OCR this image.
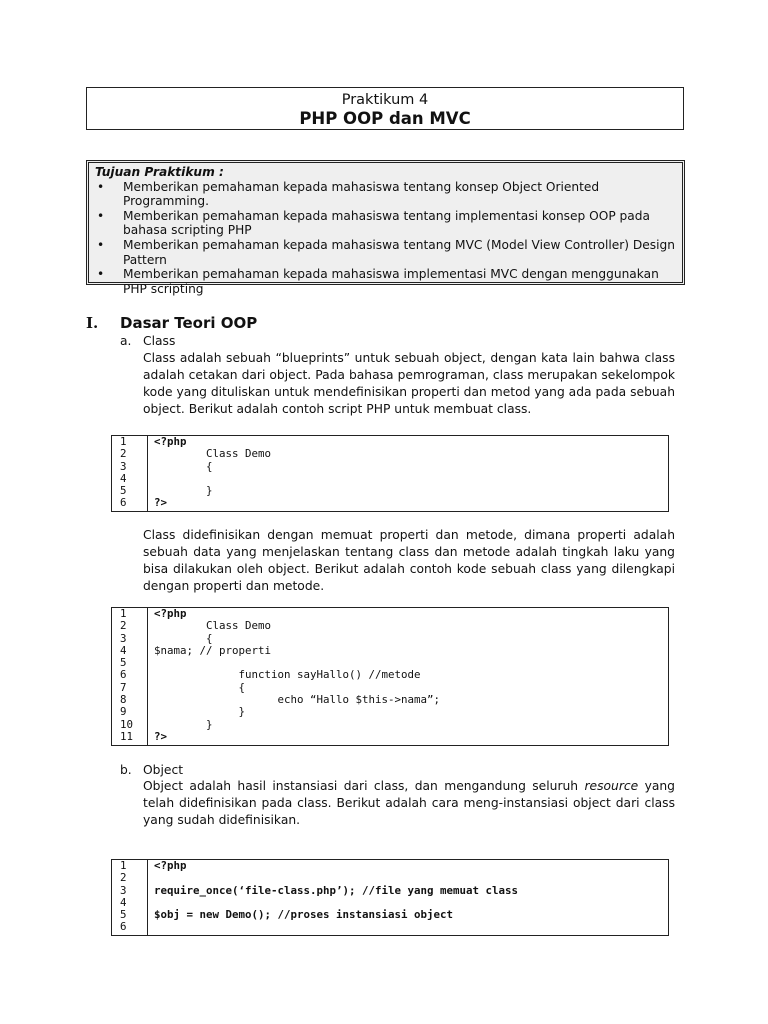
Praktikum 4
PHP OOP dan MVC
Tujuan Praktikum :
• Memberikan pemahaman kepada mahasiswa tentang konsep Object Oriented Programming.
• Memberikan pemahaman kepada mahasiswa tentang implementasi konsep OOP pada bahasa scripting PHP
• Memberikan pemahaman kepada mahasiswa tentang MVC (Model View Controller) Design Pattern
• Memberikan pemahaman kepada mahasiswa implementasi MVC dengan menggunakan PHP scripting
I. Dasar Teori OOP
a. Class
Class adalah sebuah “blueprints” untuk sebuah object, dengan kata lain bahwa class adalah cetakan dari object. Pada bahasa pemrograman, class merupakan sekelompok kode yang dituliskan untuk mendefinisikan properti dan metod yang ada pada sebuah object. Berikut adalah contoh script PHP untuk membuat class.
1
2
3
4
5
6
<?php
Class Demo
{
}
?>
Class didefinisikan dengan memuat properti dan metode, dimana properti adalah sebuah data yang menjelaskan tentang class dan metode adalah tingkah laku yang bisa dilakukan oleh object. Berikut adalah contoh kode sebuah class yang dilengkapi dengan properti dan metode.
1
2
3
4
5
6
7
8
9
10
11
<?php
Class Demo
{
$nama; // properti
function sayHallo() //metode
{
echo “Hallo $this->nama”;
}
}
?>
b. Object
Object adalah hasil instansiasi dari class, dan mengandung seluruh resource yang telah didefinisikan pada class. Berikut adalah cara meng-instansiasi object dari class yang sudah didefinisikan.
1
2
3
4
5
6
<?php
require_once(‘file-class.php’); //file yang memuat class
$obj = new Demo(); //proses instansiasi object
